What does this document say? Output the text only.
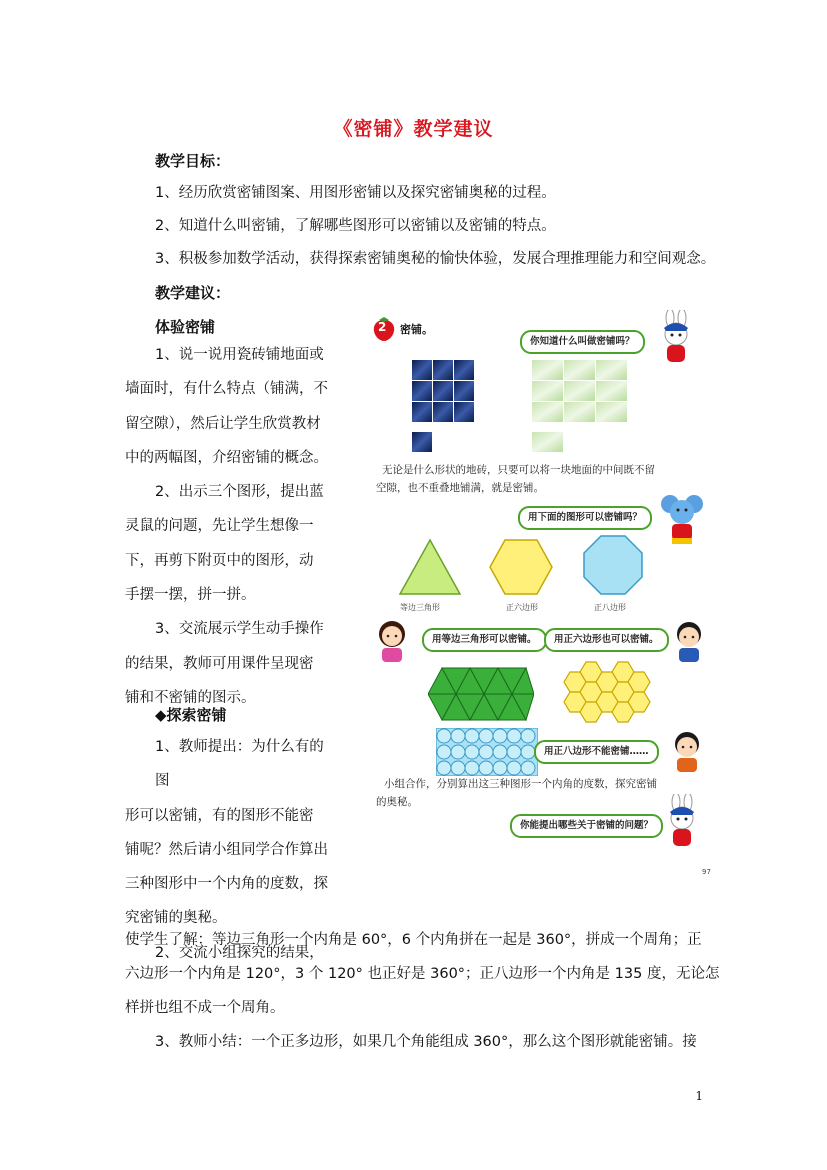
《密铺》教学建议
教学目标：
1、经历欣赏密铺图案、用图形密铺以及探究密铺奥秘的过程。
2、知道什么叫密铺，了解哪些图形可以密铺以及密铺的特点。
3、积极参加数学活动，获得探索密铺奥秘的愉快体验，发展合理推理能力和空间观念。
教学建议：
体验密铺

1、说一说用瓷砖铺地面或

墙面时，有什么特点（铺满，不

留空隙），然后让学生欣赏教材

中的两幅图，介绍密铺的概念。

2、出示三个图形，提出蓝

灵鼠的问题，先让学生想像一

下，再剪下附页中的图形，动

手摆一摆，拼一拼。

3、交流展示学生动手操作

的结果，教师可用课件呈现密

铺和不密铺的图示。

◆探索密铺

1、教师提出：为什么有的图

形可以密铺，有的图形不能密

铺呢？然后请小组同学合作算出

三种图形中一个内角的度数，探

究密铺的奥秘。

2、交流小组探究的结果，

使学生了解：等边三角形一个内角是 60°，6 个内角拼在一起是 360°，拼成一个周角；正
六边形一个内角是 120°，3 个 120° 也正好是 360°；正八边形一个内角是 135 度，无论怎
样拼也组不成一个周角。
3、教师小结：一个正多边形，如果几个角能组成 360°，那么这个图形就能密铺。接
2 密铺。
你知道什么叫做密铺吗？
无论是什么形状的地砖，只要可以将一块地面的中间既不留
空隙，也不重叠地铺满，就是密铺。
用下面的图形可以密铺吗？
等边三角形	正六边形	正八边形
用等边三角形可以密铺。	用正六边形也可以密铺。
用正八边形不能密铺……
小组合作，分别算出这三种图形一个内角的度数，探究密铺
的奥秘。
你能提出哪些关于密铺的问题？
97
1
